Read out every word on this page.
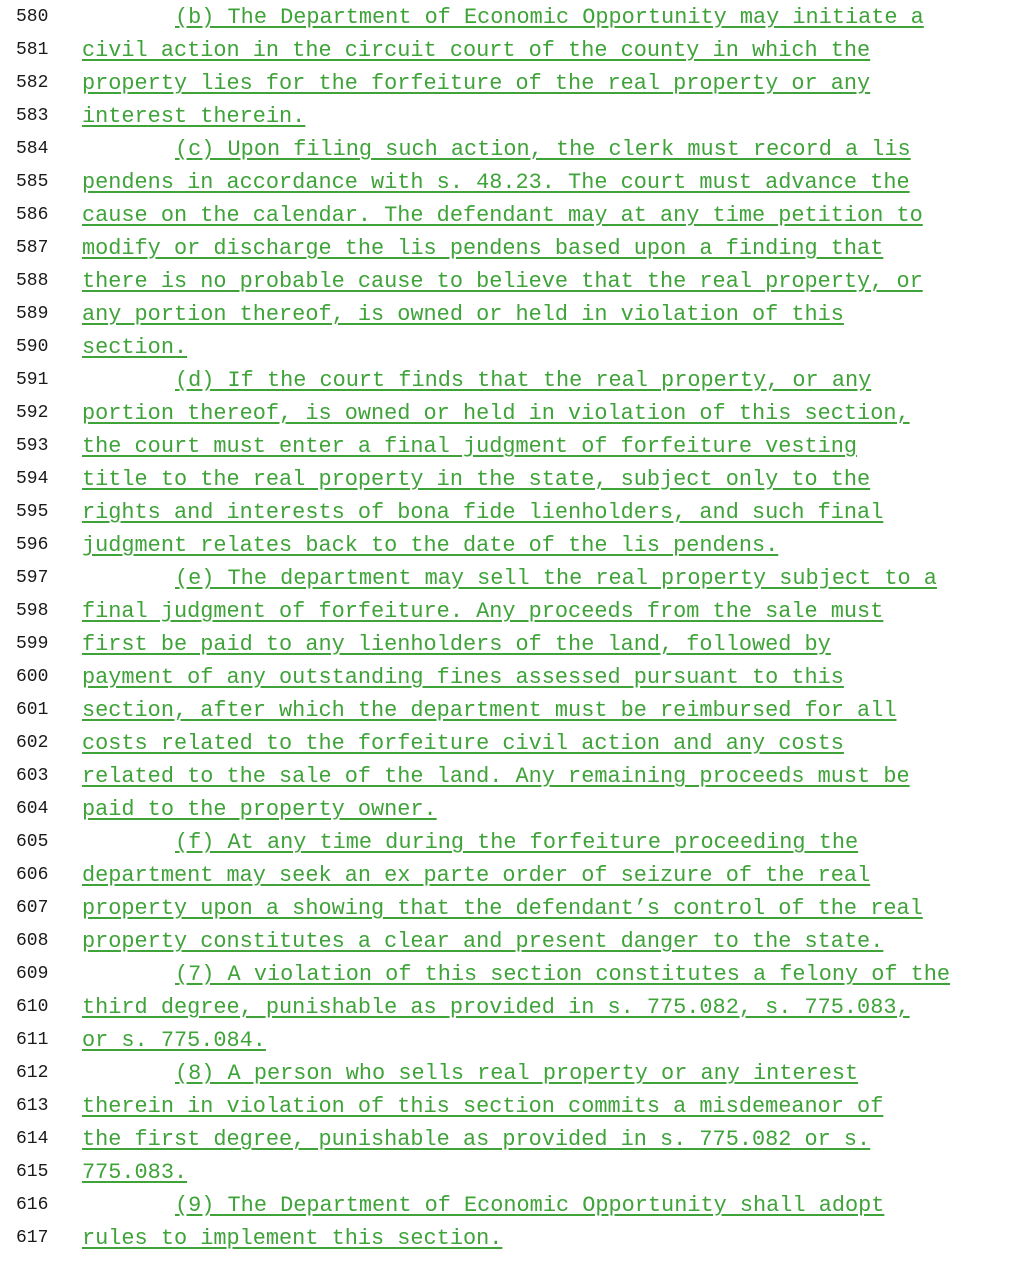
580	(b) The Department of Economic Opportunity may initiate a
581	civil action in the circuit court of the county in which the
582	property lies for the forfeiture of the real property or any
583	interest therein.
584	(c) Upon filing such action, the clerk must record a lis
585	pendens in accordance with s. 48.23. The court must advance the
586	cause on the calendar. The defendant may at any time petition to
587	modify or discharge the lis pendens based upon a finding that
588	there is no probable cause to believe that the real property, or
589	any portion thereof, is owned or held in violation of this
590	section.
591	(d) If the court finds that the real property, or any
592	portion thereof, is owned or held in violation of this section,
593	the court must enter a final judgment of forfeiture vesting
594	title to the real property in the state, subject only to the
595	rights and interests of bona fide lienholders, and such final
596	judgment relates back to the date of the lis pendens.
597	(e) The department may sell the real property subject to a
598	final judgment of forfeiture. Any proceeds from the sale must
599	first be paid to any lienholders of the land, followed by
600	payment of any outstanding fines assessed pursuant to this
601	section, after which the department must be reimbursed for all
602	costs related to the forfeiture civil action and any costs
603	related to the sale of the land. Any remaining proceeds must be
604	paid to the property owner.
605	(f) At any time during the forfeiture proceeding the
606	department may seek an ex parte order of seizure of the real
607	property upon a showing that the defendant’s control of the real
608	property constitutes a clear and present danger to the state.
609	(7) A violation of this section constitutes a felony of the
610	third degree, punishable as provided in s. 775.082, s. 775.083,
611	or s. 775.084.
612	(8) A person who sells real property or any interest
613	therein in violation of this section commits a misdemeanor of
614	the first degree, punishable as provided in s. 775.082 or s.
615	775.083.
616	(9) The Department of Economic Opportunity shall adopt
617	rules to implement this section.
